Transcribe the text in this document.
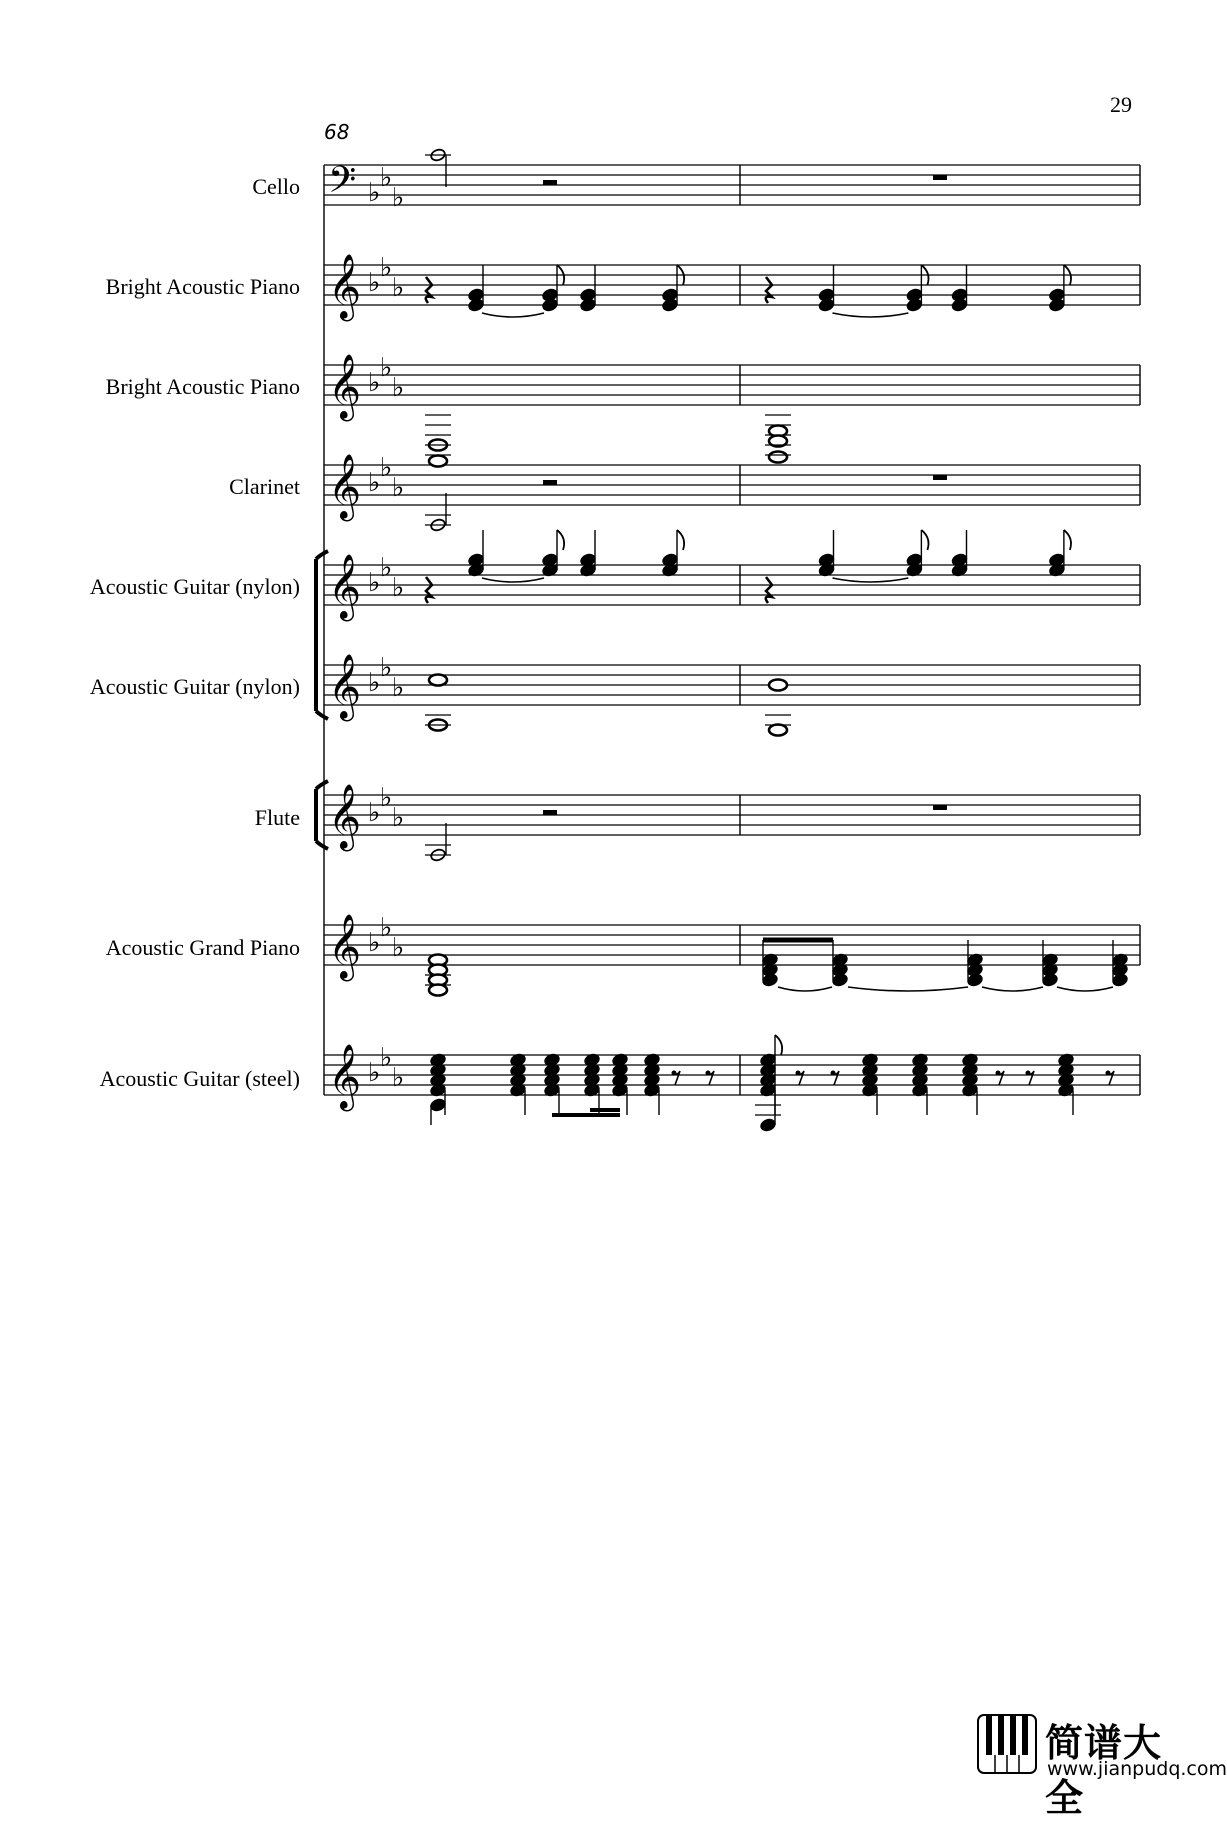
29
68
Cello
Bright Acoustic Piano
Bright Acoustic Piano
Clarinet
Acoustic Guitar (nylon)
Acoustic Guitar (nylon)
Flute
Acoustic Grand Piano
Acoustic Guitar (steel)
𝄢
𝄞
𝄞
𝄞
𝄞
𝄞
𝄞
𝄞
𝄞
♭ ♭
♭
♭ ♭
♭
♭ ♭
♭
♭ ♭
♭
♭ ♭
♭
♭ ♭
♭
♭ ♭
♭
♭ ♭
♭
♭ ♭
♭
简谱大全
www.jianpudq.com
